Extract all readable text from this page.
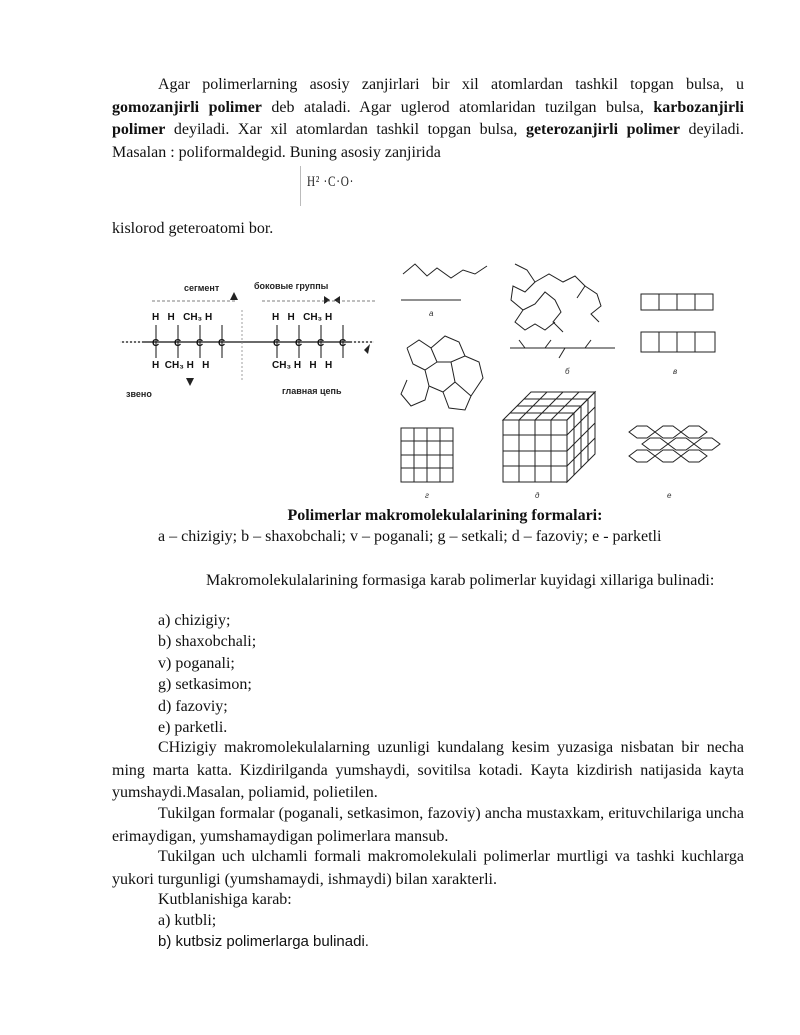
Agar polimerlarning asosiy zanjirlari bir xil atomlardan tashkil topgan bulsa, u gomozanjirli polimer deb ataladi. Agar uglerod atomlaridan tuzilgan bulsa, karbozanjirli polimer deyiladi. Xar xil atomlardan tashkil topgan bulsa, geterozanjirli polimer deyiladi. Masalan : poliformaldegid. Buning asosiy zanjirida

H² ·C·O·

kislorod geteroatomi bor.

сегмент	боковые группы
H   H   CH₃ H	H   H   CH₃ H
C C C C	C C C C
H  CH₃ H   H	CH₃ H   H   H
звено	главная цепь
a
б	в
г	д	e
Polimerlar makromolekulalarining formalari:
a – chizigiy; b – shaxobchali; v – poganali; g – setkali; d – fazoviy; e - parketli

Makromolekulalarining formasiga karab polimerlar kuyidagi xillariga bulinadi:

a) chizigiy;

b) shaxobchali;

v) poganali;

g) setkasimon;

d) fazoviy;

e) parketli.

CHizigiy makromolekulalarning uzunligi kundalang kesim yuzasiga nisbatan bir necha ming marta katta. Kizdirilganda yumshaydi, sovitilsa kotadi. Kayta kizdirish natijasida kayta yumshaydi.Masalan, poliamid, polietilen.

Tukilgan formalar (poganali, setkasimon, fazoviy) ancha mustaxkam, erituvchilariga uncha erimaydigan, yumshamaydigan polimerlara mansub.

Tukilgan uch ulchamli formali makromolekulali polimerlar murtligi va tashki kuchlarga yukori turgunligi (yumshamaydi, ishmaydi) bilan xarakterli.

Kutblanishiga karab:

a) kutbli;

b) kutbsiz polimerlarga bulinadi.
